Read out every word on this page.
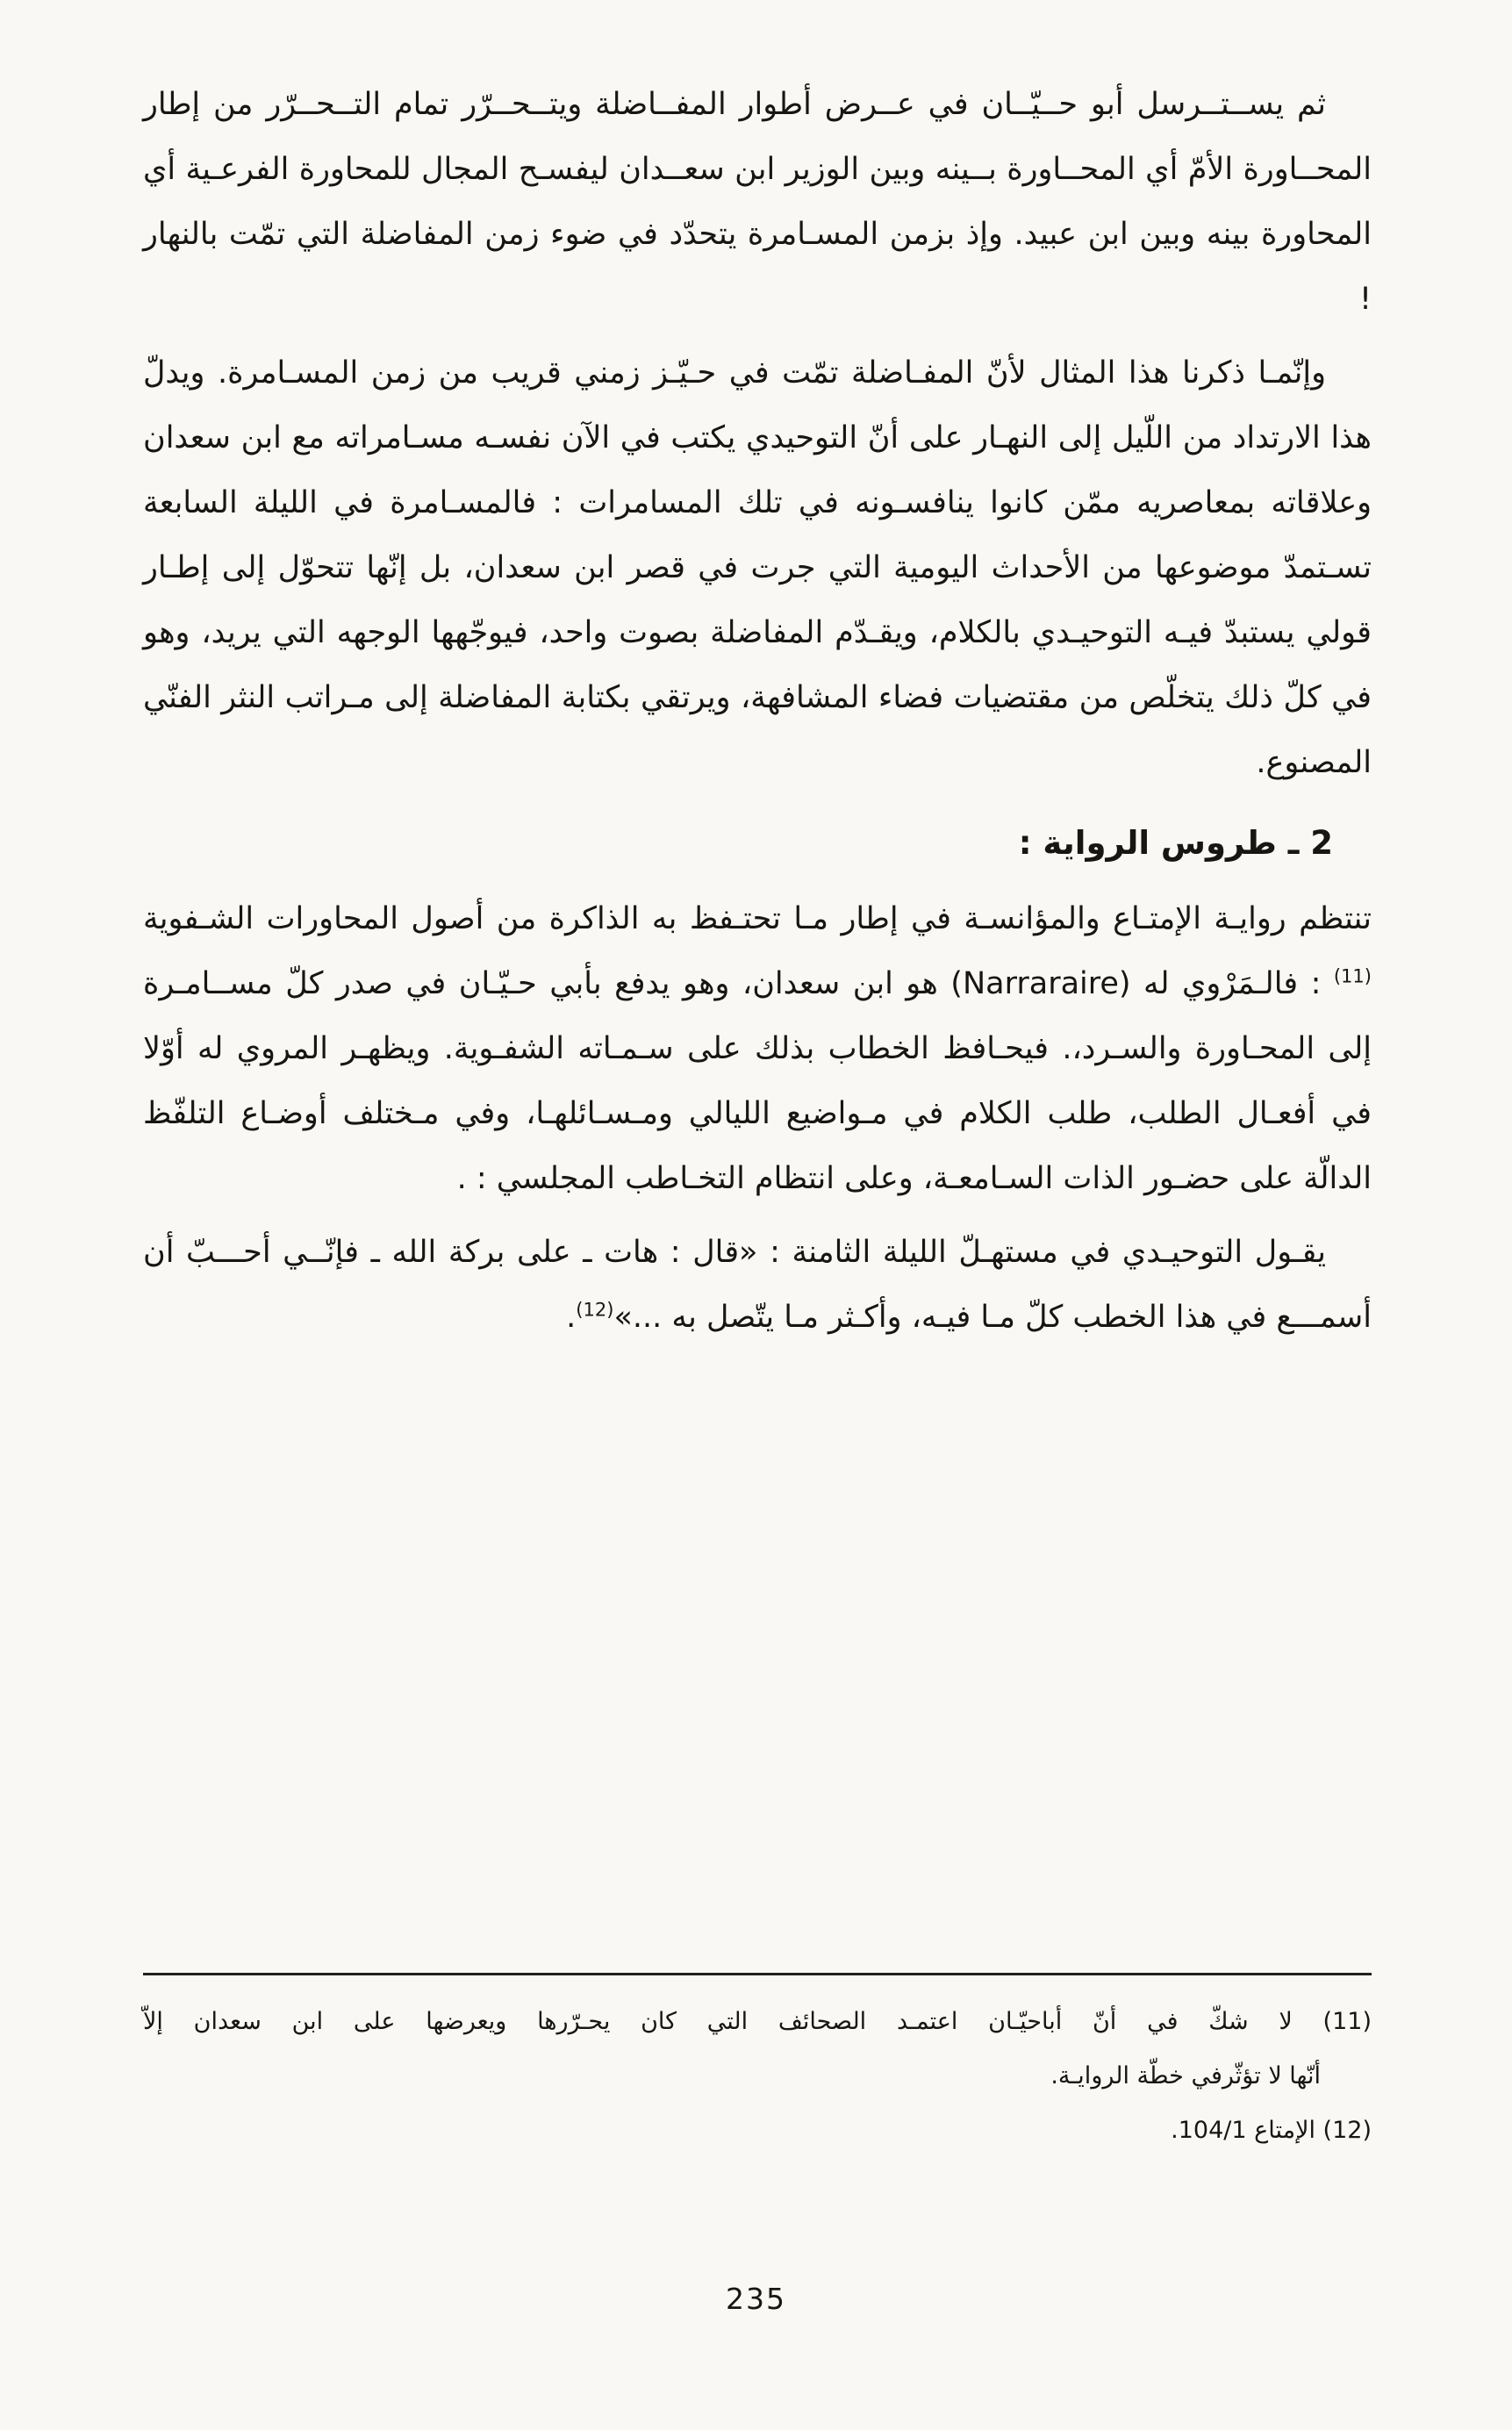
ثم يســتــرسل أبو حــيّــان في عــرض أطوار المفــاضلة ويتــحــرّر تمام التــحــرّر من إطار المحــاورة الأمّ أي المحــاورة بــينه وبين الوزير ابن سعــدان ليفسـح المجال للمحاورة الفرعـية أي المحاورة بينه وبين ابن عبيد. وإذ بزمن المسـامرة يتحدّد في ضوء زمن المفاضلة التي تمّت بالنهار !

وإنّمـا ذكرنا هذا المثال لأنّ المفـاضلة تمّت في حـيّـز زمني قريب من زمن المسـامرة. ويدلّ هذا الارتداد من اللّيل إلى النهـار على أنّ التوحيدي يكتب في الآن نفسـه مسـامراته مع ابن سعدان وعلاقاته بمعاصريه ممّن كانوا ينافسـونه في تلك المسامرات : فالمسـامرة في الليلة السابعة تسـتمدّ موضوعها من الأحداث اليومية التي جرت في قصر ابن سعدان، بل إنّها تتحوّل إلى إطـار قولي يستبدّ فيـه التوحيـدي بالكلام، ويقـدّم المفاضلة بصوت واحد، فيوجّهها الوجهه التي يريد، وهو في كلّ ذلك يتخلّص من مقتضيات فضاء المشافهة، ويرتقي بكتابة المفاضلة إلى مـراتب النثر الفنّي المصنوع.

2 ـ طروس الرواية :

تنتظم روايـة الإمتـاع والمؤانسـة في إطار مـا تحتـفظ به الذاكرة من أصول المحاورات الشـفوية $^{(11)}$ : فالـمَرْوي له (Narraraire) هو ابن سعدان، وهو يدفع بأبي حـيّـان في صدر كلّ مســامـرة إلى المحـاورة والسـرد،. فيحـافظ الخطاب بذلك على سـمـاته الشفـوية. ويظهـر المروي له أوّلا في أفعـال الطلب، طلب الكلام في مـواضيع الليالي ومـسـائلهـا، وفي مـختلف أوضـاع التلفّظ الدالّة على حضـور الذات السـامعـة، وعلى انتظام التخـاطب المجلسي : .

يقـول التوحيـدي في مستهـلّ الليلة الثامنة : «قال : هات ـ على بركة الله ـ فإنّــي أحـــبّ أن أسمـــع في هذا الخطب كلّ مـا فيـه، وأكـثر مـا يتّصل به ...»$^{(12)}$.

(11) لا شكّ في أنّ أباحيّـان اعتمـد الصحائف التي كان يحـرّرها ويعرضها على ابن سعدان إلاّ
أنّها لا تؤثّرفي خطّة الروايـة.
(12) الإمتاع 104/1.
235
